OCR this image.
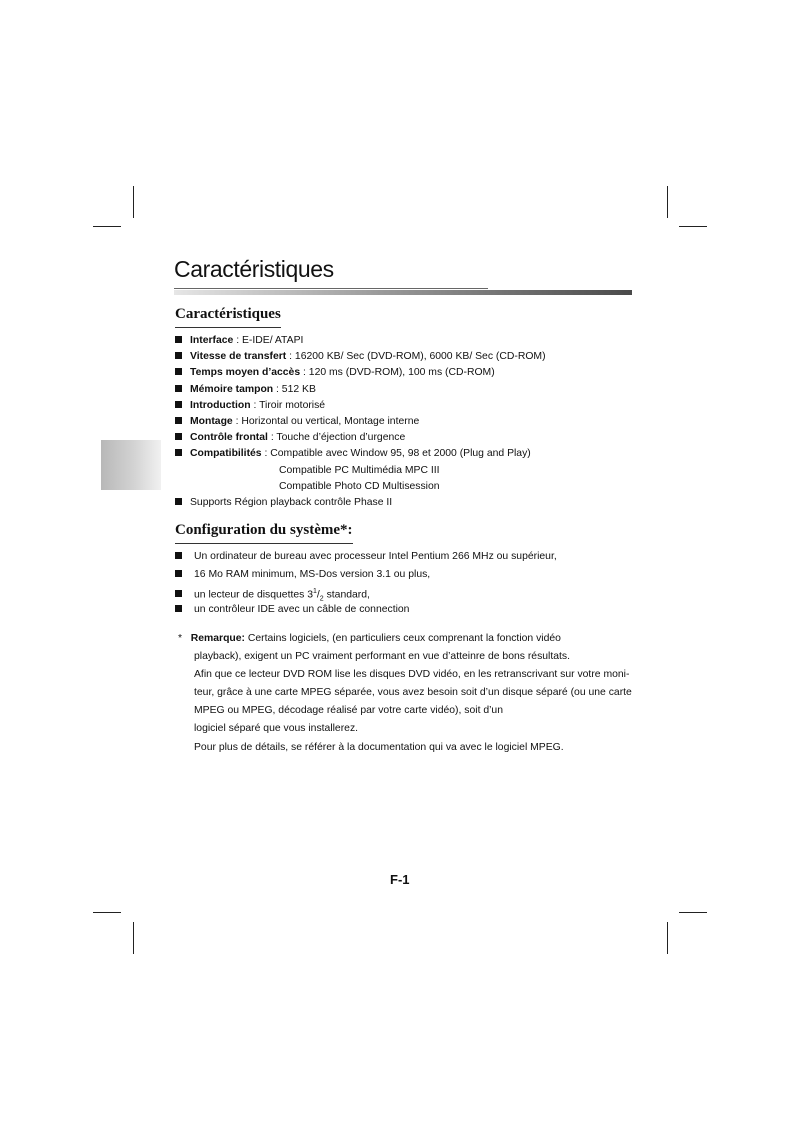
Caractéristiques
Caractéristiques
Interface : E-IDE/ ATAPI
Vitesse de transfert : 16200 KB/ Sec (DVD-ROM), 6000 KB/ Sec (CD-ROM)
Temps moyen d’accès : 120 ms (DVD-ROM), 100 ms (CD-ROM)
Mémoire tampon : 512 KB
Introduction : Tiroir motorisé
Montage : Horizontal ou vertical, Montage interne
Contrôle frontal : Touche d’éjection d’urgence
Compatibilités : Compatible avec Window 95, 98 et 2000 (Plug and Play)
Compatible PC Multimédia MPC III
Compatible Photo CD Multisession
Supports Région playback contrôle Phase II
Configuration du système*:
Un ordinateur de bureau avec processeur Intel Pentium 266 MHz ou supérieur,
16 Mo RAM minimum, MS-Dos version 3.1 ou plus,
un lecteur de disquettes $3^1/_2$ standard,
un contrôleur IDE avec un câble de connection
* Remarque: Certains logiciels, (en particuliers ceux comprenant la fonction vidéo
playback), exigent un PC vraiment performant en vue d’atteinre de bons résultats.
Afin que ce lecteur DVD ROM lise les disques DVD vidéo, en les retranscrivant sur votre moni-
teur, grâce à une carte MPEG séparée, vous avez besoin soit d’un disque séparé (ou une carte
MPEG ou MPEG, décodage réalisé par votre carte vidéo), soit d’un
logiciel séparé que vous installerez.
Pour plus de détails, se référer à la documentation qui va avec le logiciel MPEG.
F-1
